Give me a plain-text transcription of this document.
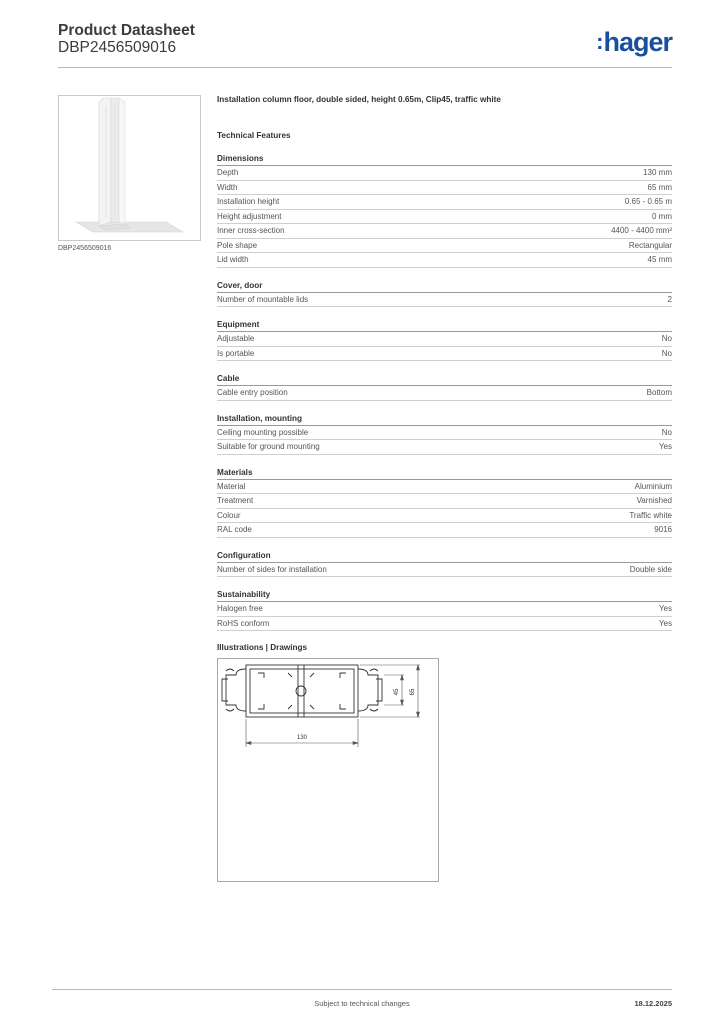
Product Datasheet
DBP2456509016	:hager
DBP2456509016
Installation column floor, double sided, height 0.65m, Clip45, traffic white
Technical Features
Dimensions
Depth	130 mm
Width	65 mm
Installation height	0.65 - 0.65 m
Height adjustment	0 mm
Inner cross-section	4400 - 4400 mm²
Pole shape	Rectangular
Lid width	45 mm
Cover, door
Number of mountable lids	2
Equipment
Adjustable	No
Is portable	No
Cable
Cable entry position	Bottom
Installation, mounting
Ceiling mounting possible	No
Suitable for ground mounting	Yes
Materials
Material	Aluminium
Treatment	Varnished
Colour	Traffic white
RAL code	9016
Configuration
Number of sides for installation	Double side
Sustainability
Halogen free	Yes
RoHS conform	Yes
Illustrations | Drawings
130
45 65
Subject to technical changes	18.12.2025
